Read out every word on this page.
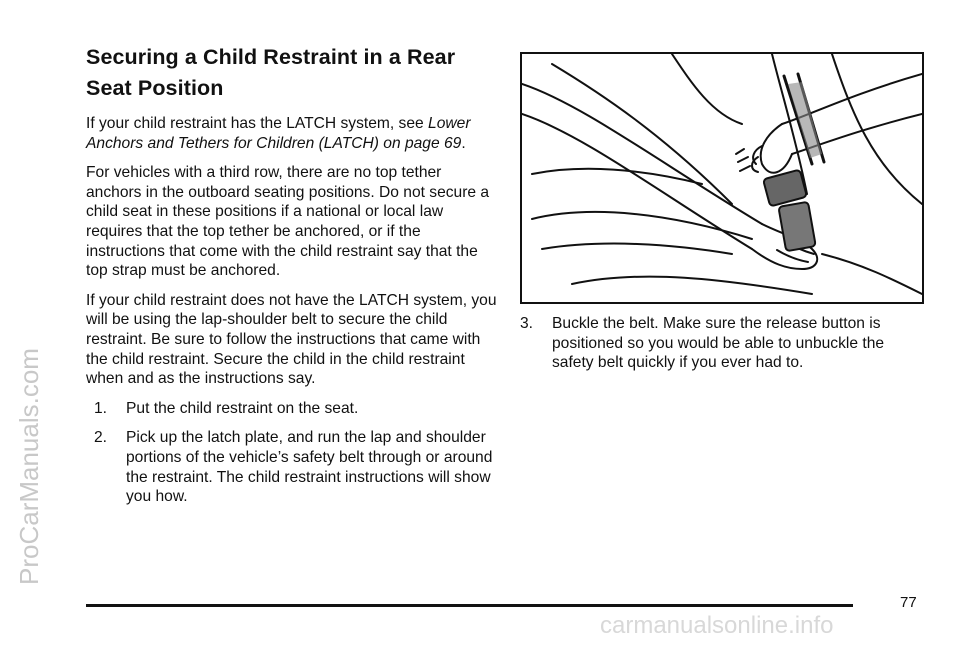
ProCarManuals.com
Securing a Child Restraint in a Rear Seat Position

If your child restraint has the LATCH system, see Lower Anchors and Tethers for Children (LATCH) on page 69.

For vehicles with a third row, there are no top tether anchors in the outboard seating positions. Do not secure a child seat in these positions if a national or local law requires that the top tether be anchored, or if the instructions that come with the child restraint say that the top strap must be anchored.

If your child restraint does not have the LATCH system, you will be using the lap-shoulder belt to secure the child restraint. Be sure to follow the instructions that came with the child restraint. Secure the child in the child restraint when and as the instructions say.

1.	Put the child restraint on the seat.
2.	Pick up the latch plate, and run the lap and shoulder portions of the vehicle’s safety belt through or around the restraint. The child restraint instructions will show you how.
3.	Buckle the belt. Make sure the release button is positioned so you would be able to unbuckle the safety belt quickly if you ever had to.
77
carmanualsonline.info
